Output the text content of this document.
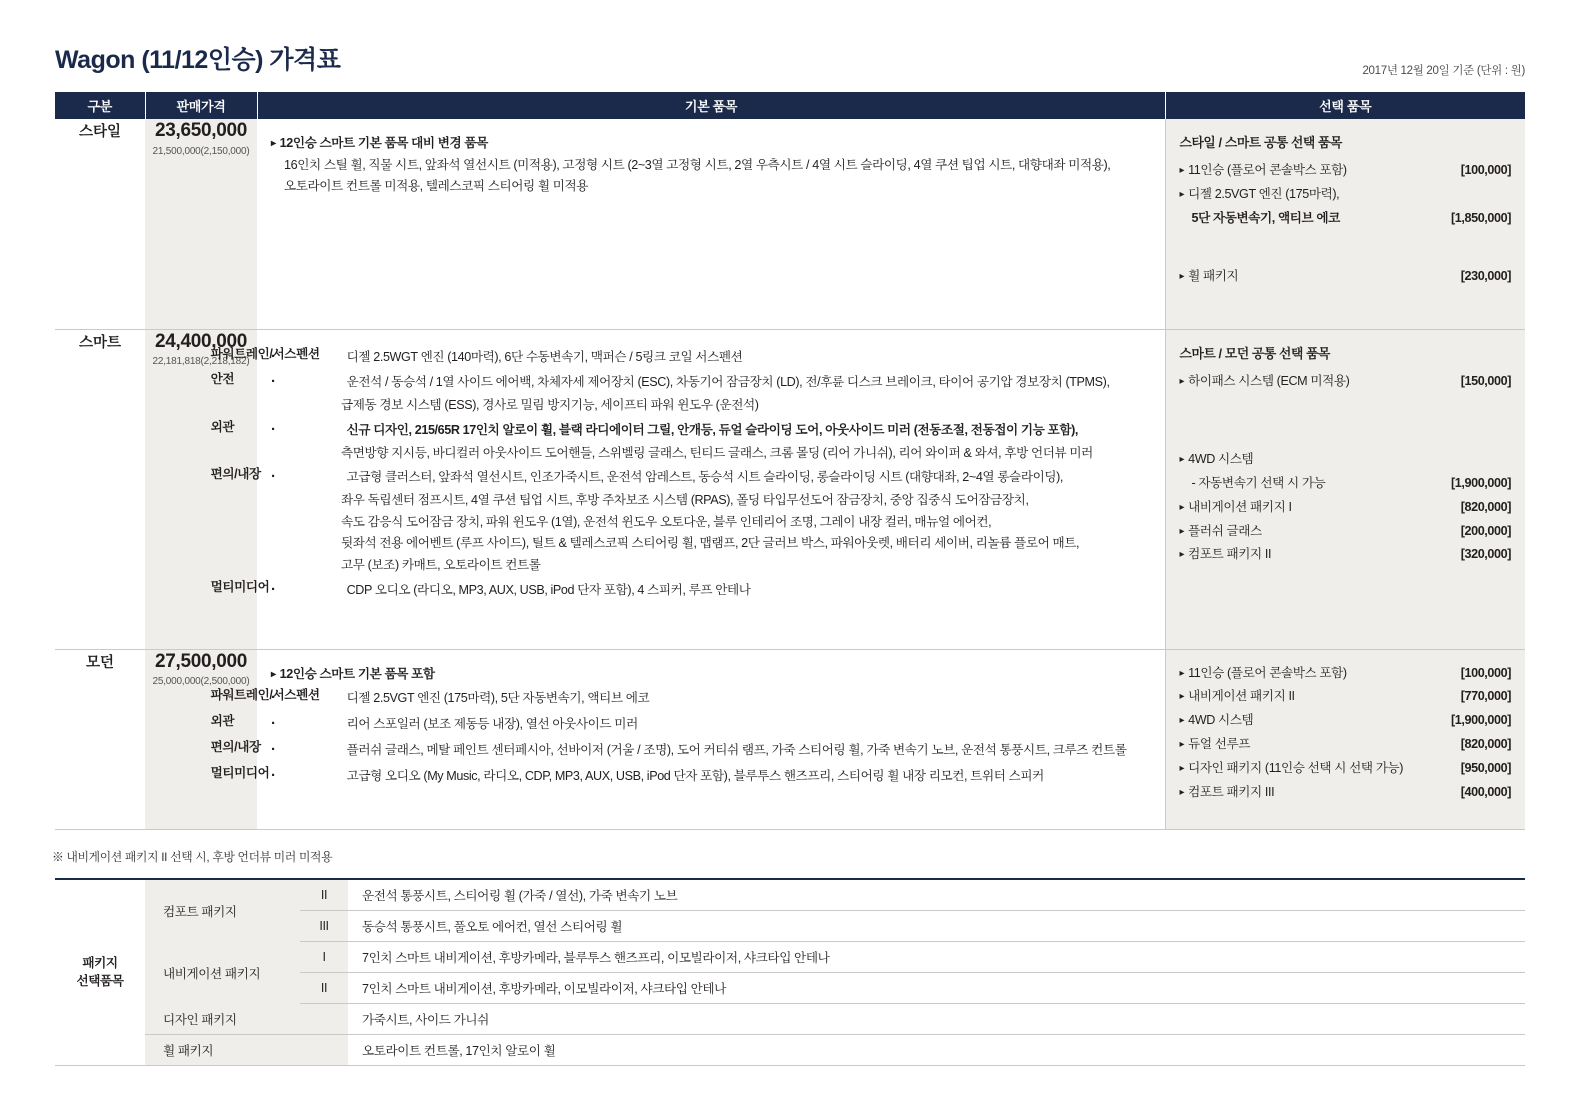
Wagon (11/12인승) 가격표	2017년 12월 20일 기준 (단위 : 원)
구분	판매가격	기본 품목	선택 품목
스타일	23,650,000
21,500,000(2,150,000)

▸ 12인승 스마트 기본 품목 대비 변경 품목
16인치 스틸 휠, 직물 시트, 앞좌석 열선시트 (미적용), 고정형 시트 (2~3열 고정형 시트, 2열 우측시트 / 4열 시트 슬라이딩, 4열 쿠션 팁업 시트, 대향대좌 미적용),
오토라이트 컨트롤 미적용, 텔레스코픽 스티어링 휠 미적용

스타일 / 스마트 공통 선택 품목
▸ 11인승 (플로어 콘솔박스 포함)	[100,000]
▸ 디젤 2.5VGT 엔진 (175마력),
5단 자동변속기, 액티브 에코	[1,850,000]
▸ 휠 패키지	[230,000]

스마트	24,400,000
22,181,818(2,218,182)

· 파워트레인/서스펜션 디젤 2.5WGT 엔진 (140마력), 6단 수동변속기, 맥퍼슨 / 5링크 코일 서스펜션
· 안전	운전석 / 동승석 / 1열 사이드 에어백, 차체자세 제어장치 (ESC), 차동기어 잠금장치 (LD), 전/후륜 디스크 브레이크, 타이어 공기압 경보장치 (TPMS),
급제동 경보 시스템 (ESS), 경사로 밀림 방지기능, 세이프티 파워 윈도우 (운전석)
· 외관	신규 디자인, 215/65R 17인치 알로이 휠, 블랙 라디에이터 그릴, 안개등, 듀얼 슬라이딩 도어, 아웃사이드 미러 (전동조절, 전동접이 기능 포함),
측면방향 지시등, 바디컬러 아웃사이드 도어핸들, 스위벨링 글래스, 틴티드 글래스, 크롬 몰딩 (리어 가니쉬), 리어 와이퍼 & 와셔, 후방 언더뷰 미러
· 편의/내장	고급형 클러스터, 앞좌석 열선시트, 인조가죽시트, 운전석 암레스트, 동승석 시트 슬라이딩, 롱슬라이딩 시트 (대향대좌, 2~4열 롱슬라이딩),
좌우 독립센터 점프시트, 4열 쿠션 팁업 시트, 후방 주차보조 시스템 (RPAS), 폴딩 타입무선도어 잠금장치, 중앙 집중식 도어잠금장치,
속도 감응식 도어잠금 장치, 파워 윈도우 (1열), 운전석 윈도우 오토다운, 블루 인테리어 조명, 그레이 내장 컬러, 매뉴얼 에어컨,
뒷좌석 전용 에어벤트 (루프 사이드), 틸트 & 텔레스코픽 스티어링 휠, 맵램프, 2단 글러브 박스, 파워아웃렛, 배터리 세이버, 리놀륨 플로어 매트,
고무 (보조) 카매트, 오토라이트 컨트롤
· 멀티미디어	CDP 오디오 (라디오, MP3, AUX, USB, iPod 단자 포함), 4 스피커, 루프 안테나

스마트 / 모던 공통 선택 품목
▸ 하이패스 시스템 (ECM 미적용)	[150,000]
▸ 4WD 시스템
- 자동변속기 선택 시 가능	[1,900,000]
▸ 내비게이션 패키지 I	[820,000]
▸ 플러쉬 글래스	[200,000]
▸ 컴포트 패키지 II	[320,000]

모던	27,500,000
25,000,000(2,500,000)

▸ 12인승 스마트 기본 품목 포함
· 파워트레인/서스펜션 디젤 2.5VGT 엔진 (175마력), 5단 자동변속기, 액티브 에코
· 외관	리어 스포일러 (보조 제동등 내장), 열선 아웃사이드 미러
· 편의/내장	플러쉬 글래스, 메탈 페인트 센터페시아, 선바이저 (거울 / 조명), 도어 커티쉬 램프, 가죽 스티어링 휠, 가죽 변속기 노브, 운전석 통풍시트, 크루즈 컨트롤
· 멀티미디어	고급형 오디오 (My Music, 라디오, CDP, MP3, AUX, USB, iPod 단자 포함), 블루투스 핸즈프리, 스티어링 휠 내장 리모컨, 트위터 스피커

▸ 11인승 (플로어 콘솔박스 포함)	[100,000]
▸ 내비게이션 패키지 II	[770,000]
▸ 4WD 시스템	[1,900,000]
▸ 듀얼 선루프	[820,000]
▸ 디자인 패키지 (11인승 선택 시 선택 가능)	[950,000]
▸ 컴포트 패키지 III	[400,000]
※ 내비게이션 패키지 II 선택 시, 후방 언더뷰 미러 미적용
패키지
선택품목	컴포트 패키지	II	운전석 통풍시트, 스티어링 휠 (가죽 / 열선), 가죽 변속기 노브
		III	동승석 통풍시트, 풀오토 에어컨, 열선 스티어링 휠
	내비게이션 패키지	I	7인치 스마트 내비게이션, 후방카메라, 블루투스 핸즈프리, 이모빌라이저, 샤크타입 안테나
		II	7인치 스마트 내비게이션, 후방카메라, 이모빌라이저, 샤크타입 안테나
	디자인 패키지		가죽시트, 사이드 가니쉬
	휠 패키지		오토라이트 컨트롤, 17인치 알로이 휠
